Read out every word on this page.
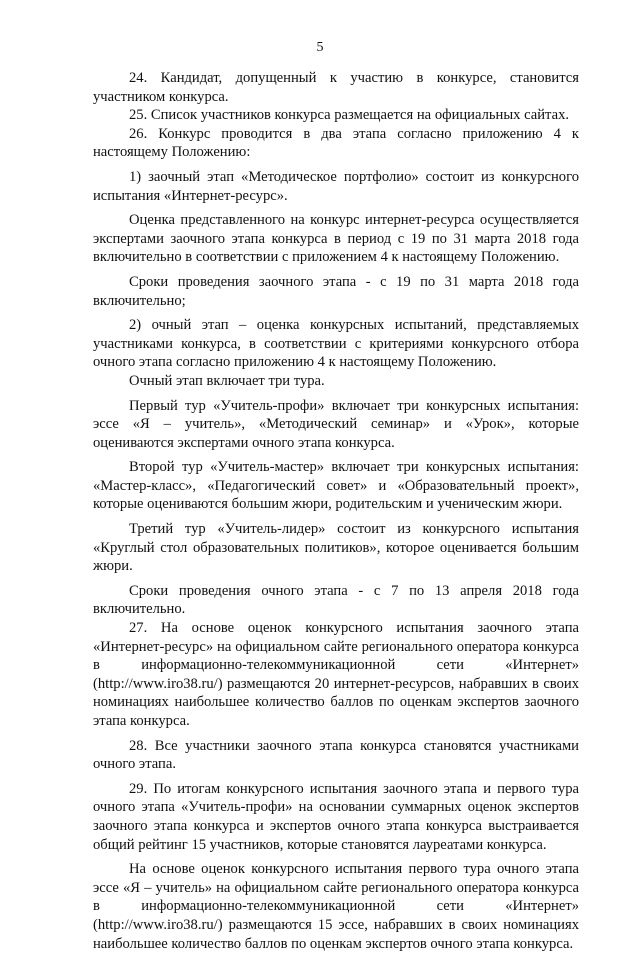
5

24. Кандидат, допущенный к участию в конкурсе, становится участником конкурса.

25. Список участников конкурса размещается на официальных сайтах.

26. Конкурс проводится в два этапа согласно приложению 4 к настоящему Положению:

1) заочный этап «Методическое портфолио» состоит из конкурсного испытания «Интернет-ресурс».

Оценка представленного на конкурс интернет-ресурса осуществляется экспертами заочного этапа конкурса в период с 19 по 31 марта 2018 года включительно в соответствии с приложением 4 к настоящему Положению.

Сроки проведения заочного этапа - с 19 по 31 марта 2018 года включительно;

2) очный этап – оценка конкурсных испытаний, представляемых участниками конкурса, в соответствии с критериями конкурсного отбора очного этапа согласно приложению 4 к настоящему Положению.

Очный этап включает три тура.

Первый тур «Учитель-профи» включает три конкурсных испытания: эссе «Я – учитель», «Методический семинар» и «Урок», которые оцениваются экспертами очного этапа конкурса.

Второй тур «Учитель-мастер» включает три конкурсных испытания: «Мастер-класс», «Педагогический совет» и «Образовательный проект», которые оцениваются большим жюри, родительским и ученическим жюри.

Третий тур «Учитель-лидер» состоит из конкурсного испытания «Круглый стол образовательных политиков», которое оценивается большим жюри.

Сроки проведения очного этапа - с 7 по 13 апреля 2018 года включительно.

27. На основе оценок конкурсного испытания заочного этапа «Интернет-ресурс» на официальном сайте регионального оператора конкурса в информационно-телекоммуникационной сети «Интернет» (http://www.iro38.ru/) размещаются 20 интернет-ресурсов, набравших в своих номинациях наибольшее количество баллов по оценкам экспертов заочного этапа конкурса.

28. Все участники заочного этапа конкурса становятся участниками очного этапа.

29. По итогам конкурсного испытания заочного этапа и первого тура очного этапа «Учитель-профи» на основании суммарных оценок экспертов заочного этапа конкурса и экспертов очного этапа конкурса выстраивается общий рейтинг 15 участников, которые становятся лауреатами конкурса.

На основе оценок конкурсного испытания первого тура очного этапа эссе «Я – учитель» на официальном сайте регионального оператора конкурса в информационно-телекоммуникационной сети «Интернет» (http://www.iro38.ru/) размещаются 15 эссе, набравших в своих номинациях наибольшее количество баллов по оценкам экспертов очного этапа конкурса.
